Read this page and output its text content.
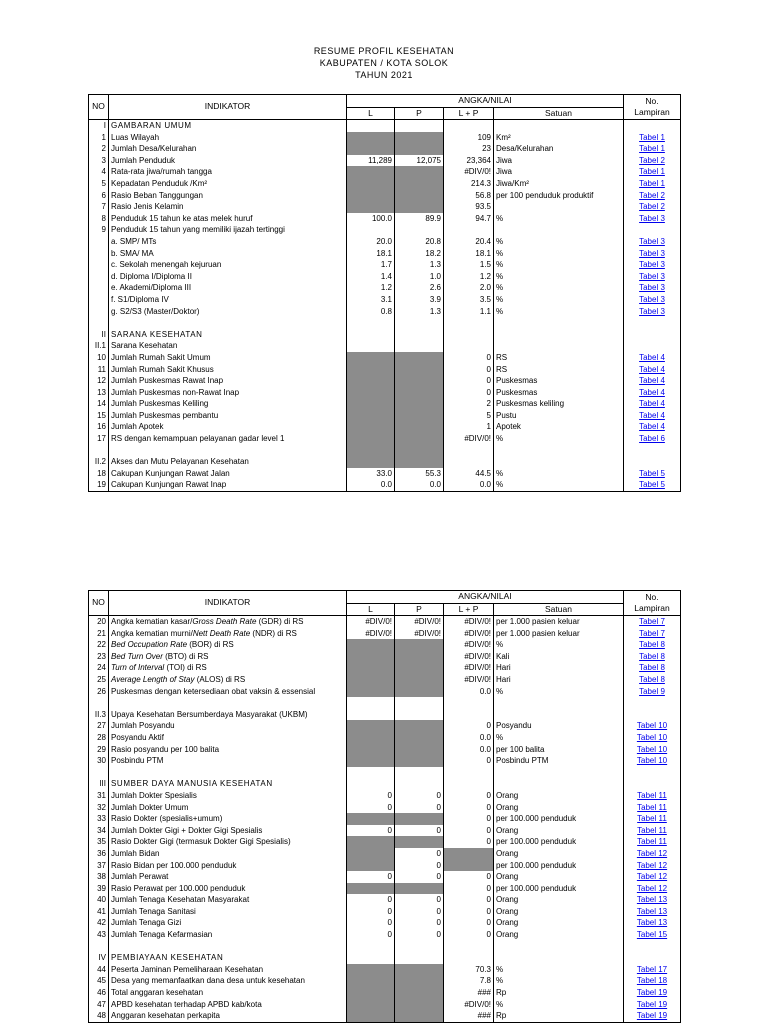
RESUME PROFIL KESEHATAN
KABUPATEN / KOTA SOLOK
TAHUN 2021
NO	INDIKATOR	ANGKA/NILAI				No.
Lampiran
		L	P	L + P	Satuan	
I	GAMBARAN UMUM					
1	Luas Wilayah			109	Km²	Tabel 1
2	Jumlah Desa/Kelurahan			23	Desa/Kelurahan	Tabel 1
3	Jumlah Penduduk	11,289	12,075	23,364	Jiwa	Tabel 2
4	Rata-rata jiwa/rumah tangga			#DIV/0!	Jiwa	Tabel 1
5	Kepadatan Penduduk /Km²			214.3	Jiwa/Km²	Tabel 1
6	Rasio Beban Tanggungan			56.8	per 100 penduduk produktif	Tabel 2
7	Rasio Jenis Kelamin			93.5		Tabel 2
8	Penduduk 15 tahun ke atas melek huruf	100.0	89.9	94.7	%	Tabel 3
9	Penduduk 15 tahun yang memiliki ijazah tertinggi					
	a. SMP/ MTs	20.0	20.8	20.4	%	Tabel 3
	b. SMA/ MA	18.1	18.2	18.1	%	Tabel 3
	c. Sekolah menengah kejuruan	1.7	1.3	1.5	%	Tabel 3
	d. Diploma I/Diploma II	1.4	1.0	1.2	%	Tabel 3
	e. Akademi/Diploma III	1.2	2.6	2.0	%	Tabel 3
	f. S1/Diploma IV	3.1	3.9	3.5	%	Tabel 3
	g. S2/S3 (Master/Doktor)	0.8	1.3	1.1	%	Tabel 3

II	SARANA KESEHATAN					
II.1	Sarana Kesehatan					
10	Jumlah Rumah Sakit Umum			0	RS	Tabel 4
11	Jumlah Rumah Sakit Khusus			0	RS	Tabel 4
12	Jumlah Puskesmas Rawat Inap			0	Puskesmas	Tabel 4
13	Jumlah Puskesmas non-Rawat Inap			0	Puskesmas	Tabel 4
14	Jumlah Puskesmas Keliling			2	Puskesmas keliling	Tabel 4
15	Jumlah Puskesmas pembantu			5	Pustu	Tabel 4
16	Jumlah Apotek			1	Apotek	Tabel 4
17	RS dengan kemampuan pelayanan gadar level 1			#DIV/0!	%	Tabel 6

II.2	Akses dan Mutu Pelayanan Kesehatan					
18	Cakupan Kunjungan Rawat Jalan	33.0	55.3	44.5	%	Tabel 5
19	Cakupan Kunjungan Rawat Inap	0.0	0.0	0.0	%	Tabel 5
NO	INDIKATOR	ANGKA/NILAI				No.
Lampiran
		L	P	L + P	Satuan	
20	Angka kematian kasar/Gross Death Rate (GDR) di RS	#DIV/0!	#DIV/0!	#DIV/0!	per 1.000 pasien keluar	Tabel 7
21	Angka kematian murni/Nett Death Rate (NDR) di RS	#DIV/0!	#DIV/0!	#DIV/0!	per 1.000 pasien keluar	Tabel 7
22	Bed Occupation Rate (BOR) di RS			#DIV/0!	%	Tabel 8
23	Bed Turn Over (BTO) di RS			#DIV/0!	Kali	Tabel 8
24	Turn of Interval (TOI) di RS			#DIV/0!	Hari	Tabel 8
25	Average Length of Stay (ALOS) di RS			#DIV/0!	Hari	Tabel 8
26	Puskesmas dengan ketersediaan obat vaksin & essensial			0.0	%	Tabel 9

II.3	Upaya Kesehatan Bersumberdaya Masyarakat (UKBM)					
27	Jumlah Posyandu			0	Posyandu	Tabel 10
28	Posyandu Aktif			0.0	%	Tabel 10
29	Rasio posyandu per 100 balita			0.0	per 100 balita	Tabel 10
30	Posbindu PTM			0	Posbindu PTM	Tabel 10

III	SUMBER DAYA MANUSIA KESEHATAN					
31	Jumlah Dokter Spesialis	0	0	0	Orang	Tabel 11
32	Jumlah Dokter Umum	0	0	0	Orang	Tabel 11
33	Rasio Dokter (spesialis+umum)			0	per 100.000 penduduk	Tabel 11
34	Jumlah Dokter Gigi + Dokter Gigi Spesialis	0	0	0	Orang	Tabel 11
35	Rasio Dokter Gigi (termasuk Dokter Gigi Spesialis)			0	per 100.000 penduduk	Tabel 11
36	Jumlah Bidan		0		Orang	Tabel 12
37	Rasio Bidan per 100.000 penduduk		0		per 100.000 penduduk	Tabel 12
38	Jumlah Perawat	0	0	0	Orang	Tabel 12
39	Rasio Perawat per 100.000 penduduk			0	per 100.000 penduduk	Tabel 12
40	Jumlah Tenaga Kesehatan Masyarakat	0	0	0	Orang	Tabel 13
41	Jumlah Tenaga Sanitasi	0	0	0	Orang	Tabel 13
42	Jumlah Tenaga Gizi	0	0	0	Orang	Tabel 13
43	Jumlah Tenaga Kefarmasian	0	0	0	Orang	Tabel 15

IV	PEMBIAYAAN KESEHATAN					
44	Peserta Jaminan Pemeliharaan Kesehatan			70.3	%	Tabel 17
45	Desa yang memanfaatkan dana desa untuk kesehatan			7.8	%	Tabel 18
46	Total anggaran kesehatan			###	Rp	Tabel 19
47	APBD kesehatan terhadap APBD kab/kota			#DIV/0!	%	Tabel 19
48	Anggaran kesehatan perkapita			###	Rp	Tabel 19
